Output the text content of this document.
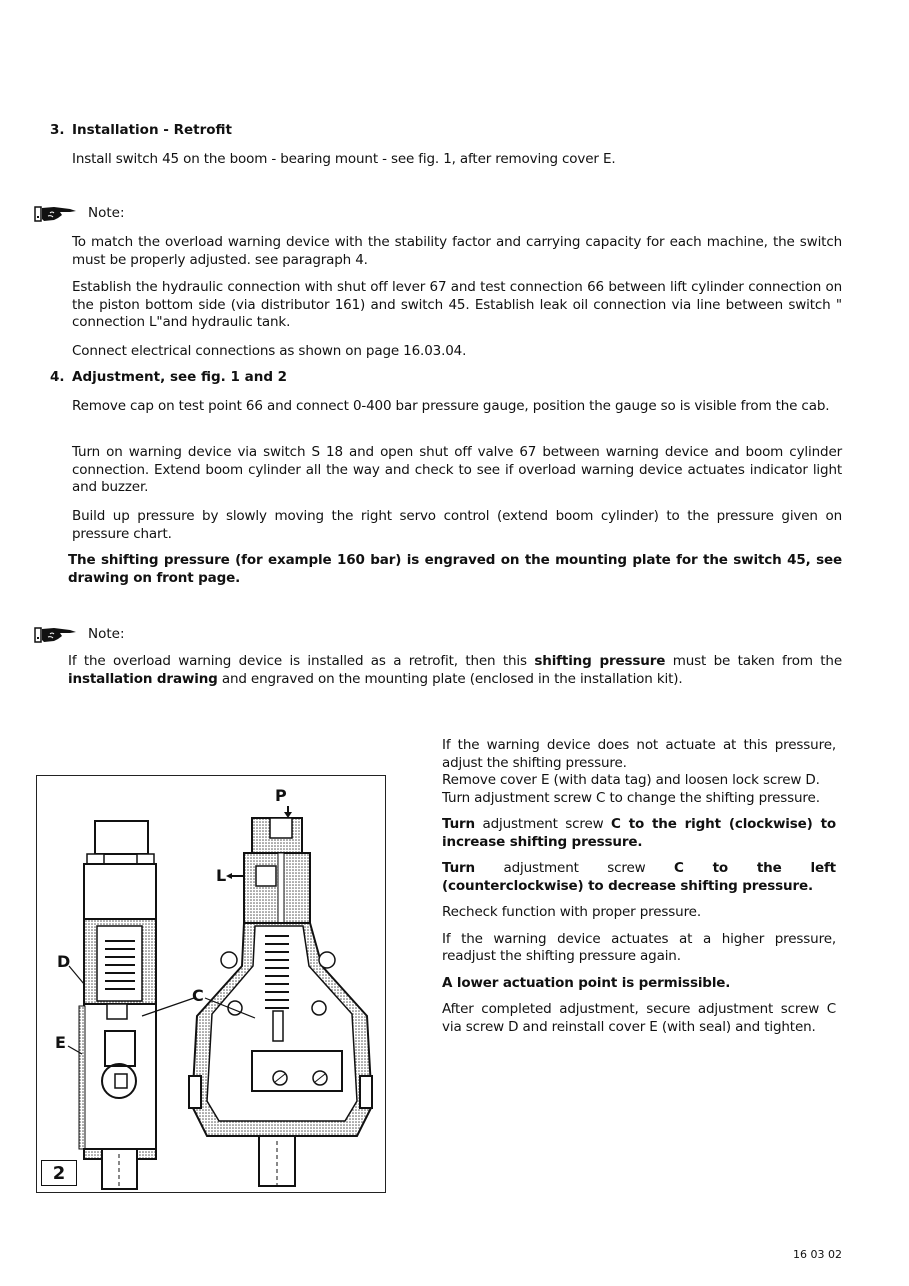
3. Installation - Retrofit
Install switch 45 on the boom - bearing mount - see fig. 1, after removing cover E.
Note:
To match the overload warning device with the stability factor and carrying capacity for each machine, the switch must be properly adjusted. see paragraph 4.
Establish the hydraulic connection with shut off lever 67 and test connection 66 between lift cylinder connection on the piston bottom side (via distributor 161) and switch 45. Establish leak oil connection via line between switch " connection L"and hydraulic tank.
Connect electrical connections as shown on page 16.03.04.
4. Adjustment, see fig. 1 and 2
Remove cap on test point 66 and connect 0-400 bar pressure gauge, position the gauge so is visible from the cab.
Turn on warning device via switch S 18 and open shut off valve 67 between warning device and boom cylinder connection. Extend boom cylinder all the way and check to see if overload warning device actuates indicator light and buzzer.
Build up pressure by slowly moving the right servo control (extend boom cylinder) to the pressure given on pressure chart.
The shifting pressure (for example 160 bar) is engraved on the mounting plate for the switch 45, see drawing on front page.
Note:
If the overload warning device is installed as a retrofit, then this shifting pressure must be taken from the installation drawing and engraved on the mounting plate (enclosed in the installation kit).
If the warning device does not actuate at this pressure, adjust the shifting pressure.
Remove cover E (with data tag) and loosen lock screw D.
Turn adjustment screw C to change the shifting pressure.
Turn adjustment screw C to the right (clockwise) to increase shifting pressure.
Turn adjustment screw C to the left (counterclockwise) to decrease shifting pressure.
Recheck function with proper pressure.
If the warning device actuates at a higher pressure, readjust the shifting pressure again.
A lower actuation point is permissible.
After completed adjustment, secure adjustment screw C via screw D and reinstall cover E (with seal) and tighten.
P
L
D
C
E
2
16 03 02
